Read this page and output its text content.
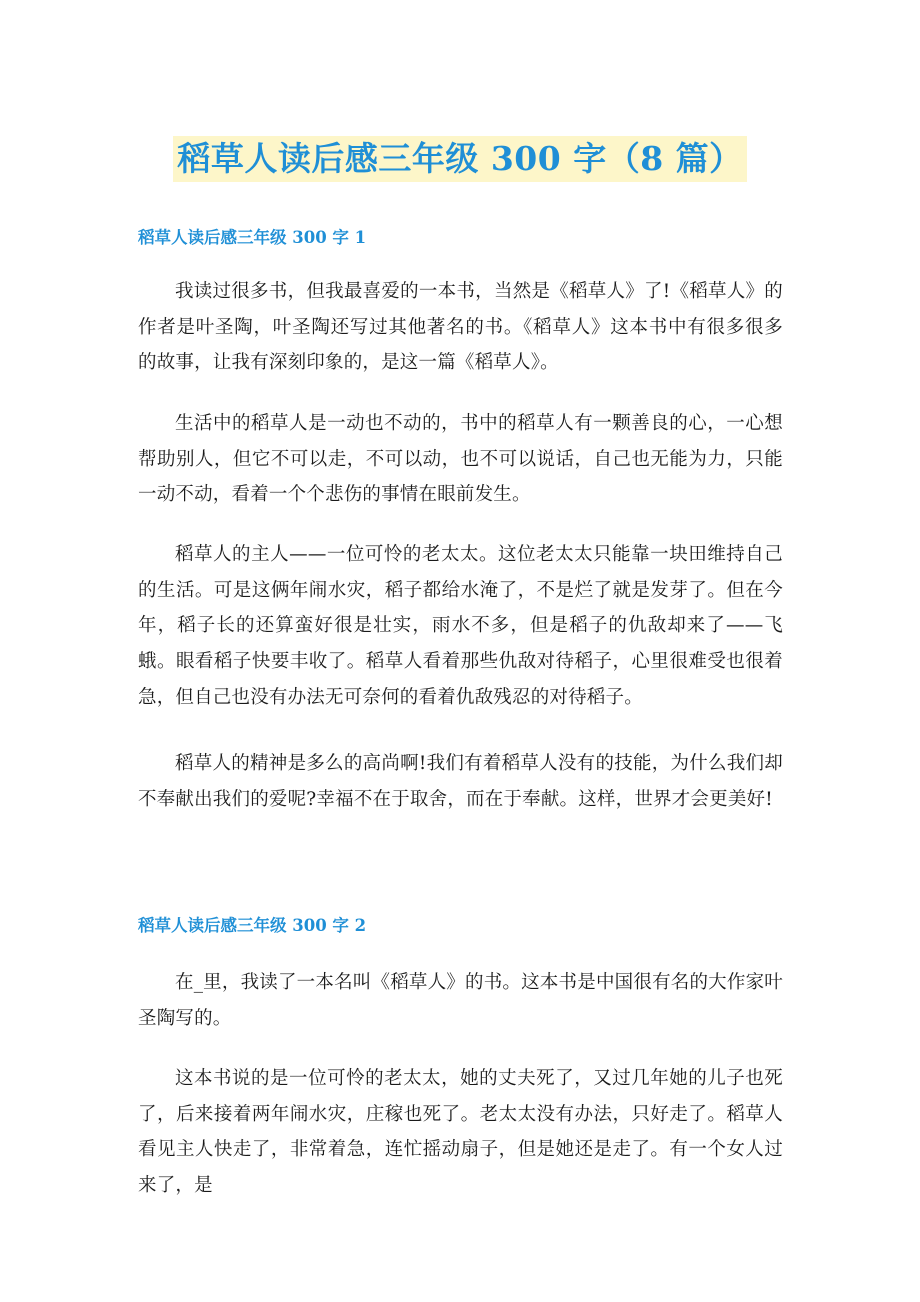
稻草人读后感三年级 300 字（8 篇）
稻草人读后感三年级 300 字 1

我读过很多书，但我最喜爱的一本书，当然是《稻草人》了!《稻草人》的作者是叶圣陶，叶圣陶还写过其他著名的书。《稻草人》这本书中有很多很多的故事，让我有深刻印象的，是这一篇《稻草人》。

生活中的稻草人是一动也不动的，书中的稻草人有一颗善良的心，一心想帮助别人，但它不可以走，不可以动，也不可以说话，自己也无能为力，只能一动不动，看着一个个悲伤的事情在眼前发生。

稻草人的主人——一位可怜的老太太。这位老太太只能靠一块田维持自己的生活。可是这俩年闹水灾，稻子都给水淹了，不是烂了就是发芽了。但在今年，稻子长的还算蛮好很是壮实，雨水不多，但是稻子的仇敌却来了——飞蛾。眼看稻子快要丰收了。稻草人看着那些仇敌对待稻子，心里很难受也很着急，但自己也没有办法无可奈何的看着仇敌残忍的对待稻子。

稻草人的精神是多么的高尚啊!我们有着稻草人没有的技能，为什么我们却不奉献出我们的爱呢?幸福不在于取舍，而在于奉献。这样，世界才会更美好!

稻草人读后感三年级 300 字 2

在_里，我读了一本名叫《稻草人》的书。这本书是中国很有名的大作家叶圣陶写的。

这本书说的是一位可怜的老太太，她的丈夫死了，又过几年她的儿子也死了，后来接着两年闹水灾，庄稼也死了。老太太没有办法，只好走了。稻草人看见主人快走了，非常着急，连忙摇动扇子，但是她还是走了。有一个女人过来了，是
